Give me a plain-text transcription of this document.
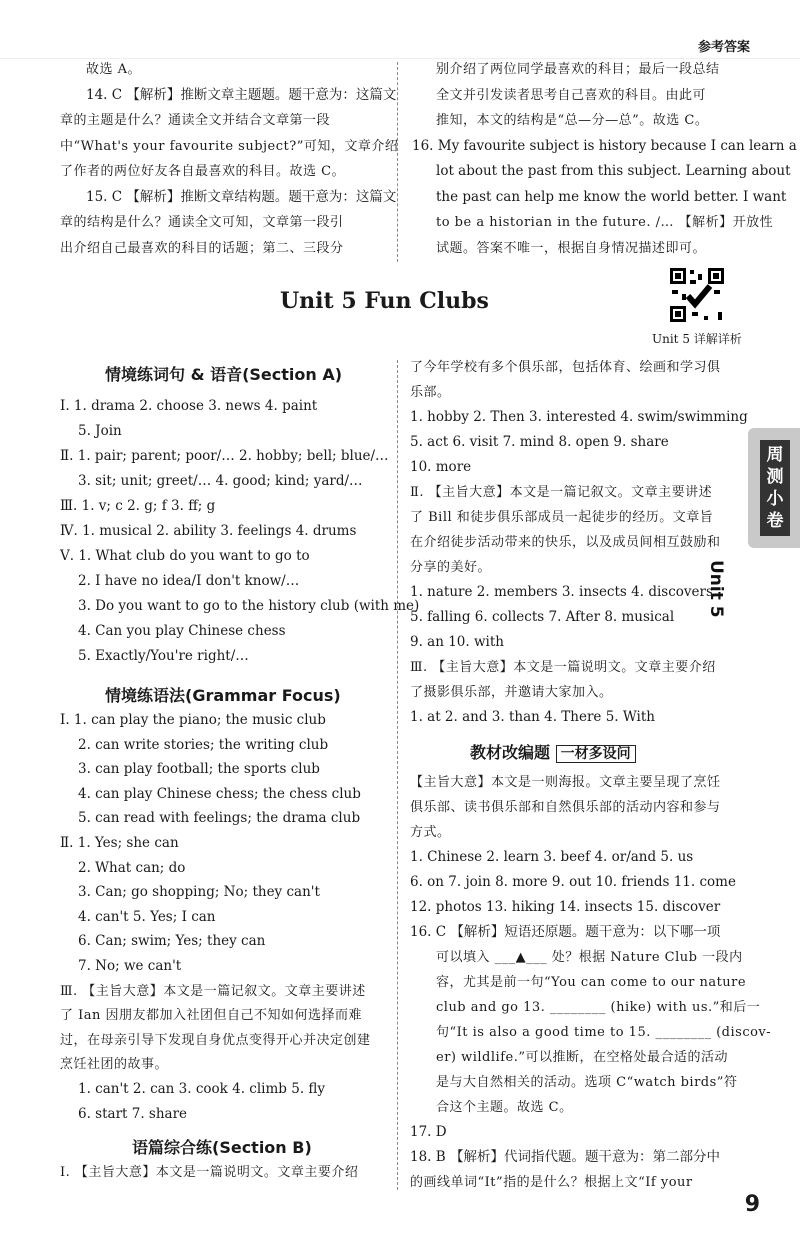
参考答案
故选 A。
14. C 【解析】推断文章主题题。题干意为：这篇文
章的主题是什么？通读全文并结合文章第一段
中“What's your favourite subject?”可知，文章介绍
了作者的两位好友各自最喜欢的科目。故选 C。
15. C 【解析】推断文章结构题。题干意为：这篇文
章的结构是什么？通读全文可知，文章第一段引
出介绍自己最喜欢的科目的话题；第二、三段分
别介绍了两位同学最喜欢的科目；最后一段总结
全文并引发读者思考自己喜欢的科目。由此可
推知，本文的结构是“总—分—总”。故选 C。
16. My favourite subject is history because I can learn a
lot about the past from this subject. Learning about
the past can help me know the world better. I want
to be a historian in the future. /… 【解析】开放性
试题。答案不唯一，根据自身情况描述即可。
Unit 5 Fun Clubs
Unit 5 详解详析
情境练词句 & 语音(Section A)
Ⅰ. 1. drama 2. choose 3. news 4. paint
5. Join
Ⅱ. 1. pair; parent; poor/… 2. hobby; bell; blue/…
3. sit; unit; greet/… 4. good; kind; yard/…
Ⅲ. 1. v; c 2. g; f 3. ff; g
Ⅳ. 1. musical 2. ability 3. feelings 4. drums
Ⅴ. 1. What club do you want to go to
2. I have no idea/I don't know/…
3. Do you want to go to the history club (with me)
4. Can you play Chinese chess
5. Exactly/You're right/…
情境练语法(Grammar Focus)
Ⅰ. 1. can play the piano; the music club
2. can write stories; the writing club
3. can play football; the sports club
4. can play Chinese chess; the chess club
5. can read with feelings; the drama club
Ⅱ. 1. Yes; she can
2. What can; do
3. Can; go shopping; No; they can't
4. can't 5. Yes; I can
6. Can; swim; Yes; they can
7. No; we can't
Ⅲ. 【主旨大意】本文是一篇记叙文。文章主要讲述
了 Ian 因朋友都加入社团但自己不知如何选择而难
过，在母亲引导下发现自身优点变得开心并决定创建
烹饪社团的故事。
1. can't 2. can 3. cook 4. climb 5. fly
6. start 7. share
语篇综合练(Section B)
Ⅰ. 【主旨大意】本文是一篇说明文。文章主要介绍
了今年学校有多个俱乐部，包括体育、绘画和学习俱
乐部。
1. hobby 2. Then 3. interested 4. swim/swimming
5. act 6. visit 7. mind 8. open 9. share
10. more
Ⅱ. 【主旨大意】本文是一篇记叙文。文章主要讲述
了 Bill 和徒步俱乐部成员一起徒步的经历。文章旨
在介绍徒步活动带来的快乐，以及成员间相互鼓励和
分享的美好。
1. nature 2. members 3. insects 4. discovers
5. falling 6. collects 7. After 8. musical
9. an 10. with
Ⅲ. 【主旨大意】本文是一篇说明文。文章主要介绍
了摄影俱乐部，并邀请大家加入。
1. at 2. and 3. than 4. There 5. With
教材改编题 一材多设问
【主旨大意】本文是一则海报。文章主要呈现了烹饪
俱乐部、读书俱乐部和自然俱乐部的活动内容和参与
方式。
1. Chinese 2. learn 3. beef 4. or/and 5. us
6. on 7. join 8. more 9. out 10. friends 11. come
12. photos 13. hiking 14. insects 15. discover
16. C 【解析】短语还原题。题干意为：以下哪一项
可以填入 ___▲___ 处？根据 Nature Club 一段内
容，尤其是前一句“You can come to our nature
club and go 13. ________ (hike) with us.”和后一
句“It is also a good time to 15. ________ (discov-
er) wildlife.”可以推断，在空格处最合适的活动
是与大自然相关的活动。选项 C“watch birds”符
合这个主题。故选 C。
17. D
18. B 【解析】代词指代题。题干意为：第二部分中
的画线单词“It”指的是什么？根据上文“If your
周测小卷
Unit 5
9
